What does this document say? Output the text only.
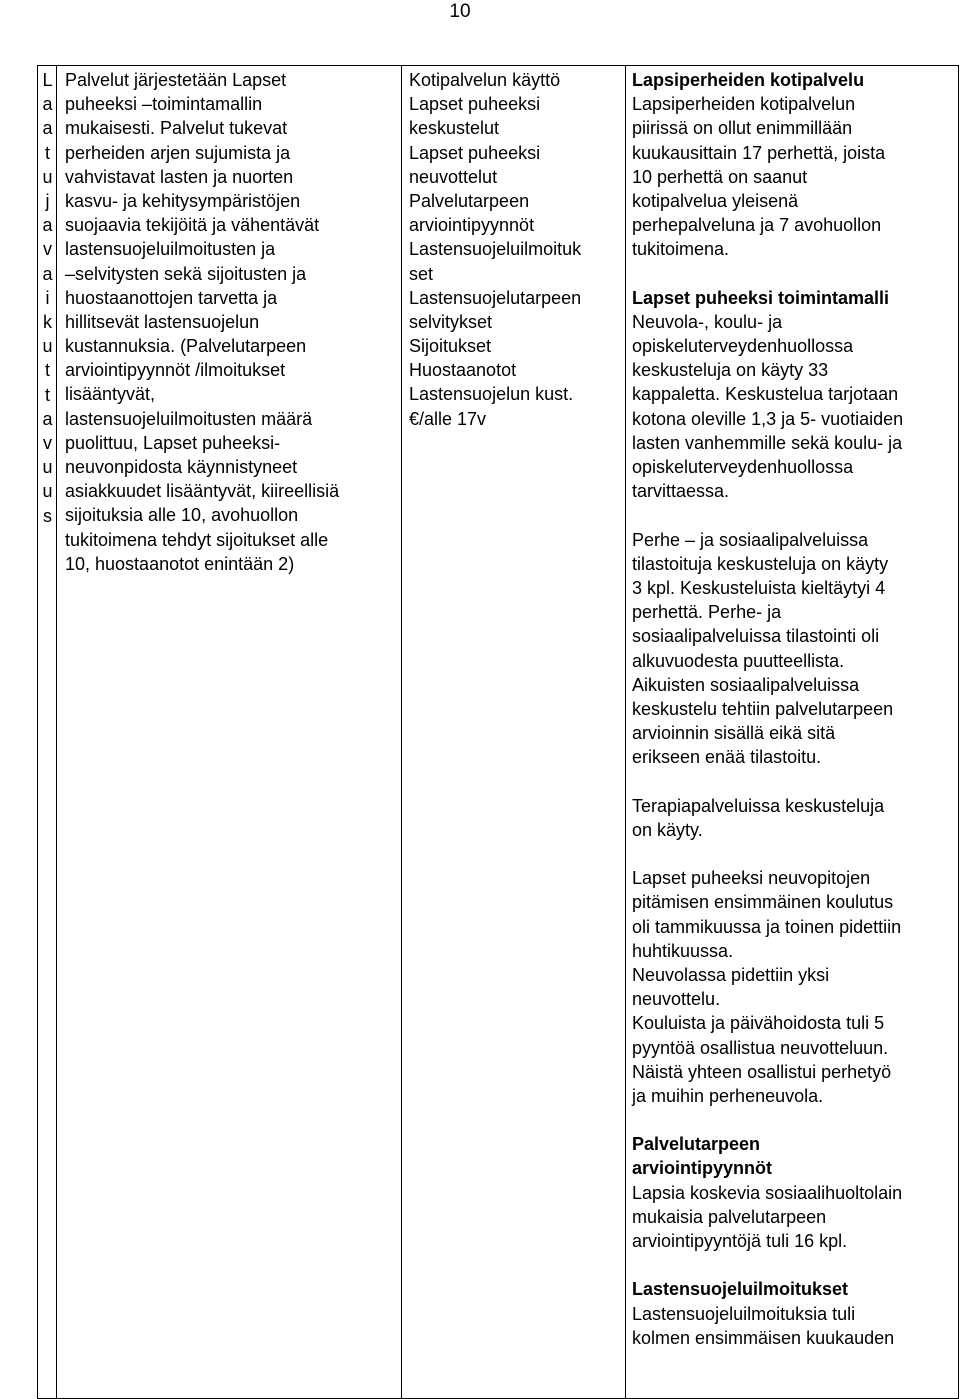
10
L
a
a
t
u
j
a
v
a
i
k
u
t
t
a
v
u
u
s
Palvelut järjestetään Lapset
puheeksi –toimintamallin
mukaisesti. Palvelut tukevat
perheiden arjen sujumista ja
vahvistavat lasten ja nuorten
kasvu- ja kehitysympäristöjen
suojaavia tekijöitä ja vähentävät
lastensuojeluilmoitusten ja
–selvitysten sekä sijoitusten ja
huostaanottojen tarvetta ja
hillitsevät lastensuojelun
kustannuksia. (Palvelutarpeen
arviointipyynnöt /ilmoitukset
lisääntyvät,
lastensuojeluilmoitusten määrä
puolittuu, Lapset puheeksi-
neuvonpidosta käynnistyneet
asiakkuudet lisääntyvät, kiireellisiä
sijoituksia alle 10, avohuollon
tukitoimena tehdyt sijoitukset alle
10, huostaanotot enintään 2)
Kotipalvelun käyttö
Lapset puheeksi
keskustelut
Lapset puheeksi
neuvottelut
Palvelutarpeen
arviointipyynnöt
Lastensuojeluilmoituk
set
Lastensuojelutarpeen
selvitykset
Sijoitukset
Huostaanotot
Lastensuojelun kust.
€/alle 17v
Lapsiperheiden kotipalvelu
Lapsiperheiden kotipalvelun
piirissä on ollut enimmillään
kuukausittain 17 perhettä, joista
10 perhettä on saanut
kotipalvelua yleisenä
perhepalveluna ja 7 avohuollon
tukitoimena.
Lapset puheeksi toimintamalli
Neuvola-, koulu- ja
opiskeluterveydenhuollossa
keskusteluja on käyty 33
kappaletta. Keskustelua tarjotaan
kotona oleville 1,3 ja 5- vuotiaiden
lasten vanhemmille sekä koulu- ja
opiskeluterveydenhuollossa
tarvittaessa.
Perhe – ja sosiaalipalveluissa
tilastoituja keskusteluja on käyty
3 kpl. Keskusteluista kieltäytyi 4
perhettä. Perhe- ja
sosiaalipalveluissa tilastointi oli
alkuvuodesta puutteellista.
Aikuisten sosiaalipalveluissa
keskustelu tehtiin palvelutarpeen
arvioinnin sisällä eikä sitä
erikseen enää tilastoitu.
Terapiapalveluissa keskusteluja
on käyty.
Lapset puheeksi neuvopitojen
pitämisen ensimmäinen koulutus
oli tammikuussa ja toinen pidettiin
huhtikuussa.
Neuvolassa pidettiin yksi
neuvottelu.
Kouluista ja päivähoidosta tuli 5
pyyntöä osallistua neuvotteluun.
Näistä yhteen osallistui perhetyö
ja muihin perheneuvola.
Palvelutarpeen
arviointipyynnöt
Lapsia koskevia sosiaalihuoltolain
mukaisia palvelutarpeen
arviointipyyntöjä tuli 16 kpl.
Lastensuojeluilmoitukset
Lastensuojeluilmoituksia tuli
kolmen ensimmäisen kuukauden
